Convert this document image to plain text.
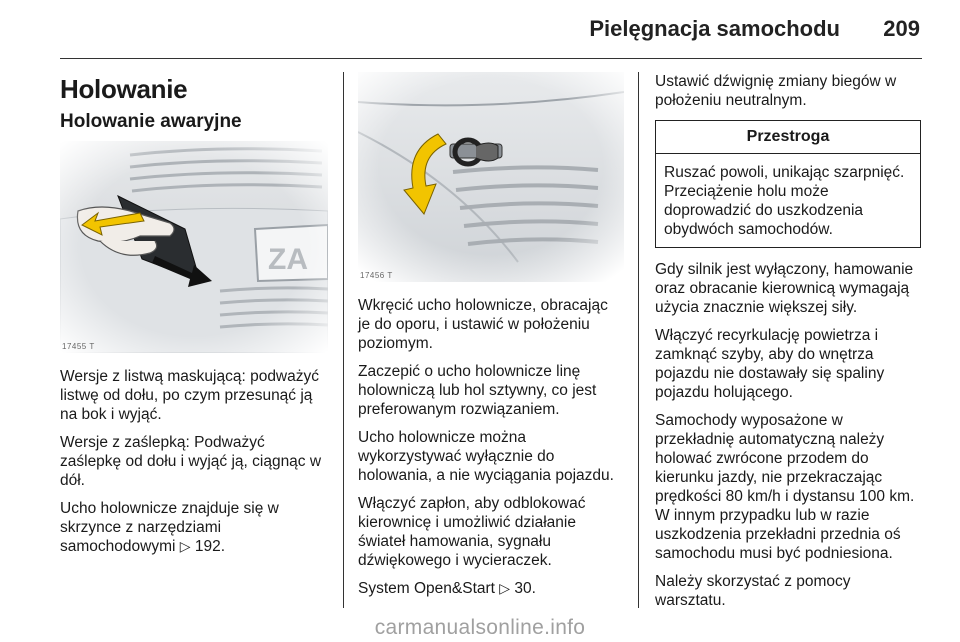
Pielęgnacja samochodu 209
Holowanie
Holowanie awaryjne
17455 T

Wersje z listwą maskującą: podważyć listwę od dołu, po czym przesunąć ją na bok i wyjąć.

Wersje z zaślepką: Podważyć zaślepkę od dołu i wyjąć ją, ciągnąc w dół.

Ucho holownicze znajduje się w skrzynce z narzędziami samochodowymi ▷ 192.

17456 T

Wkręcić ucho holownicze, obracając je do oporu, i ustawić w położeniu poziomym.

Zaczepić o ucho holownicze linę holowniczą lub hol sztywny, co jest preferowanym rozwiązaniem.

Ucho holownicze można wykorzystywać wyłącznie do holowania, a nie wyciągania pojazdu.

Włączyć zapłon, aby odblokować kierownicę i umożliwić działanie świateł hamowania, sygnału dźwiękowego i wycieraczek.

System Open&Start ▷ 30.

Ustawić dźwignię zmiany biegów w położeniu neutralnym.

Przestroga
Ruszać powoli, unikając szarpnięć. Przeciążenie holu może doprowadzić do uszkodzenia obydwóch samochodów.

Gdy silnik jest wyłączony, hamowanie oraz obracanie kierownicą wymagają użycia znacznie większej siły.

Włączyć recyrkulację powietrza i zamknąć szyby, aby do wnętrza pojazdu nie dostawały się spaliny pojazdu holującego.

Samochody wyposażone w przekładnię automatyczną należy holować zwrócone przodem do kierunku jazdy, nie przekraczając prędkości 80 km/h i dystansu 100 km. W innym przypadku lub w razie uszkodzenia przekładni przednia oś samochodu musi być podniesiona.

Należy skorzystać z pomocy warsztatu.

carmanualsonline.info
